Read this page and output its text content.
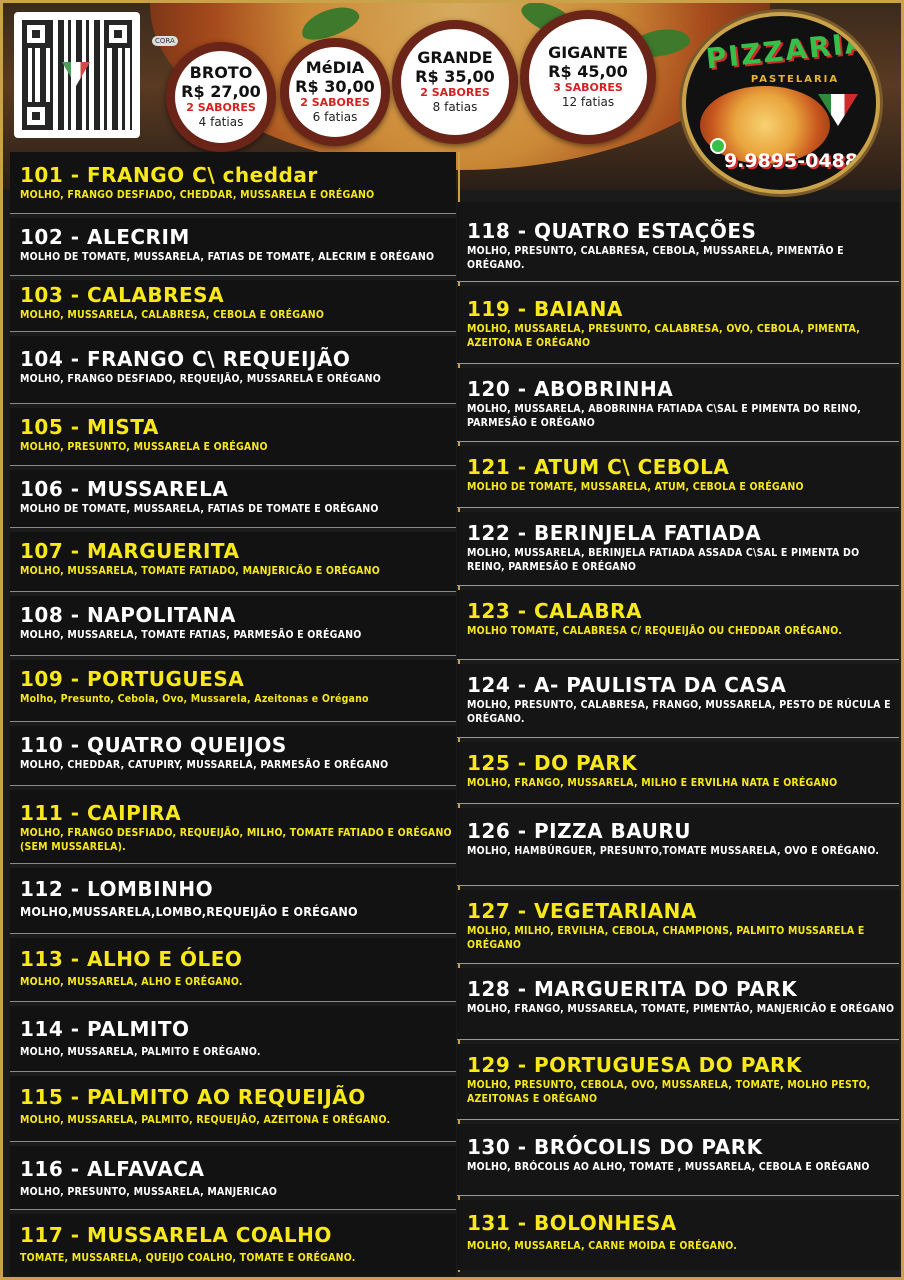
CORA
BROTO
R$ 27,00
2 SABORES
4 fatias
MéDIA
R$ 30,00
2 SABORES
6 fatias
GRANDE
R$ 35,00
2 SABORES
8 fatias
GIGANTE
R$ 45,00
3 SABORES
12 fatias
PIZZARIA
PASTELARIA
9.9895-0488
101 - FRANGO C\ cheddar
MOLHO, FRANGO DESFIADO, CHEDDAR, MUSSARELA E ORÉGANO
102 - ALECRIM
MOLHO DE TOMATE, MUSSARELA, FATIAS DE TOMATE, ALECRIM E ORÉGANO
103 - CALABRESA
MOLHO, MUSSARELA, CALABRESA, CEBOLA E ORÉGANO
104 - FRANGO C\ REQUEIJÃO
MOLHO, FRANGO DESFIADO, REQUEIJÃO, MUSSARELA E ORÉGANO
105 - MISTA
MOLHO, PRESUNTO, MUSSARELA E ORÉGANO
106 - MUSSARELA
MOLHO DE TOMATE, MUSSARELA, FATIAS DE TOMATE E ORÉGANO
107 - MARGUERITA
MOLHO, MUSSARELA, TOMATE FATIADO, MANJERICÃO E ORÉGANO
108 - NAPOLITANA
MOLHO, MUSSARELA, TOMATE FATIAS, PARMESÃO E ORÉGANO
109 - PORTUGUESA
Molho, Presunto, Cebola, Ovo, Mussarela, Azeitonas e Orégano
110 - QUATRO QUEIJOS
MOLHO, CHEDDAR, CATUPIRY, MUSSARELA, PARMESÃO E ORÉGANO
111 - CAIPIRA
MOLHO, FRANGO DESFIADO, REQUEIJÃO, MILHO, TOMATE FATIADO E ORÉGANO (SEM MUSSARELA).
112 - LOMBINHO
MOLHO,MUSSARELA,LOMBO,REQUEIJÃO E ORÉGANO
113 - ALHO E ÓLEO
MOLHO, MUSSARELA, ALHO E ORÉGANO.
114 - PALMITO
MOLHO, MUSSARELA, PALMITO E ORÉGANO.
115 - PALMITO AO REQUEIJÃO
MOLHO, MUSSARELA, PALMITO, REQUEIJÃO, AZEITONA E ORÉGANO.
116 - ALFAVACA
MOLHO, PRESUNTO, MUSSARELA, MANJERICAO
117 - MUSSARELA COALHO
TOMATE, MUSSARELA, QUEIJO COALHO, TOMATE E ORÉGANO.
118 - QUATRO ESTAÇÕES
MOLHO, PRESUNTO, CALABRESA, CEBOLA, MUSSARELA, PIMENTÃO E ORÉGANO.
119 - BAIANA
MOLHO, MUSSARELA, PRESUNTO, CALABRESA, OVO, CEBOLA, PIMENTA, AZEITONA E ORÉGANO
120 - ABOBRINHA
MOLHO, MUSSARELA, ABOBRINHA FATIADA C\SAL E PIMENTA DO REINO, PARMESÃO E ORÉGANO
121 - ATUM C\ CEBOLA
MOLHO DE TOMATE, MUSSARELA, ATUM, CEBOLA E ORÉGANO
122 - BERINJELA FATIADA
MOLHO, MUSSARELA, BERINJELA FATIADA ASSADA C\SAL E PIMENTA DO REINO, PARMESÃO E ORÉGANO
123 - CALABRA
MOLHO TOMATE, CALABRESA C/ REQUEIJÃO OU CHEDDAR ORÉGANO.
124 - A- PAULISTA DA CASA
MOLHO, PRESUNTO, CALABRESA, FRANGO, MUSSARELA, PESTO DE RÚCULA E ORÉGANO.
125 - DO PARK
MOLHO, FRANGO, MUSSARELA, MILHO E ERVILHA NATA E ORÉGANO
126 - PIZZA BAURU
MOLHO, HAMBÚRGUER, PRESUNTO,TOMATE MUSSARELA, OVO E ORÉGANO.
127 - VEGETARIANA
MOLHO, MILHO, ERVILHA, CEBOLA, CHAMPIONS, PALMITO MUSSARELA E ORÉGANO
128 - MARGUERITA DO PARK
MOLHO, FRANGO, MUSSARELA, TOMATE, PIMENTÃO, MANJERICÃO E ORÉGANO
129 - PORTUGUESA DO PARK
MOLHO, PRESUNTO, CEBOLA, OVO, MUSSARELA, TOMATE, MOLHO PESTO, AZEITONAS E ORÉGANO
130 - BRÓCOLIS DO PARK
MOLHO, BRÓCOLIS AO ALHO, TOMATE , MUSSARELA, CEBOLA E ORÉGANO
131 - BOLONHESA
MOLHO, MUSSARELA, CARNE MOIDA E ORÉGANO.
